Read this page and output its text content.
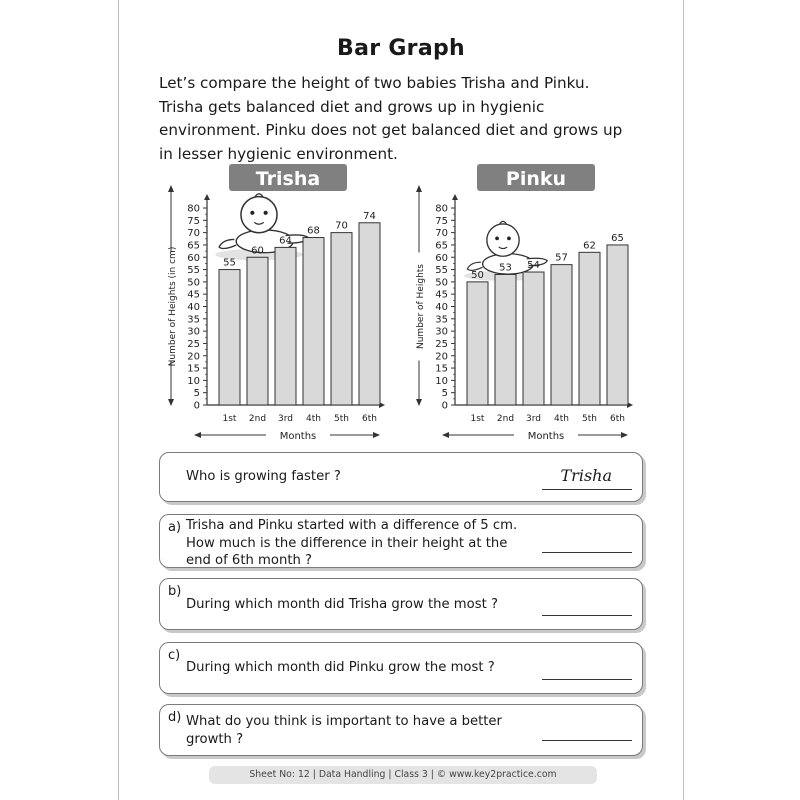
Bar Graph

Let’s compare the height of two babies Trisha and Pinku.

Trisha gets balanced diet and grows up in hygienic

environment. Pinku does not get balanced diet and grows up

in lesser hygienic environment.

Trisha
0
5
10
15
20
25
30
35
40
45
50
55
60
65
70
75
80
Number of Heights (in cm)	55
1st
60
2nd
64
3rd
68
4th
70
5th
74
6th
Months
Pinku
0
5
10
15
20
25
30
35
40
45
50
55
60
65
70
75
80
Number of Heights	50
1st
53
2nd
54
3rd
57
4th
62
5th
65
6th
Months
Who is growing faster ?	Trisha
a) Trisha and Pinku started with a difference of 5 cm.
How much is the difference in their height at the
end of 6th month ?
b)
During which month did Trisha grow the most ?
c)
During which month did Pinku grow the most ?
d) What do you think is important to have a better
growth ?
Sheet No: 12 | Data Handling | Class 3 | © www.key2practice.com
